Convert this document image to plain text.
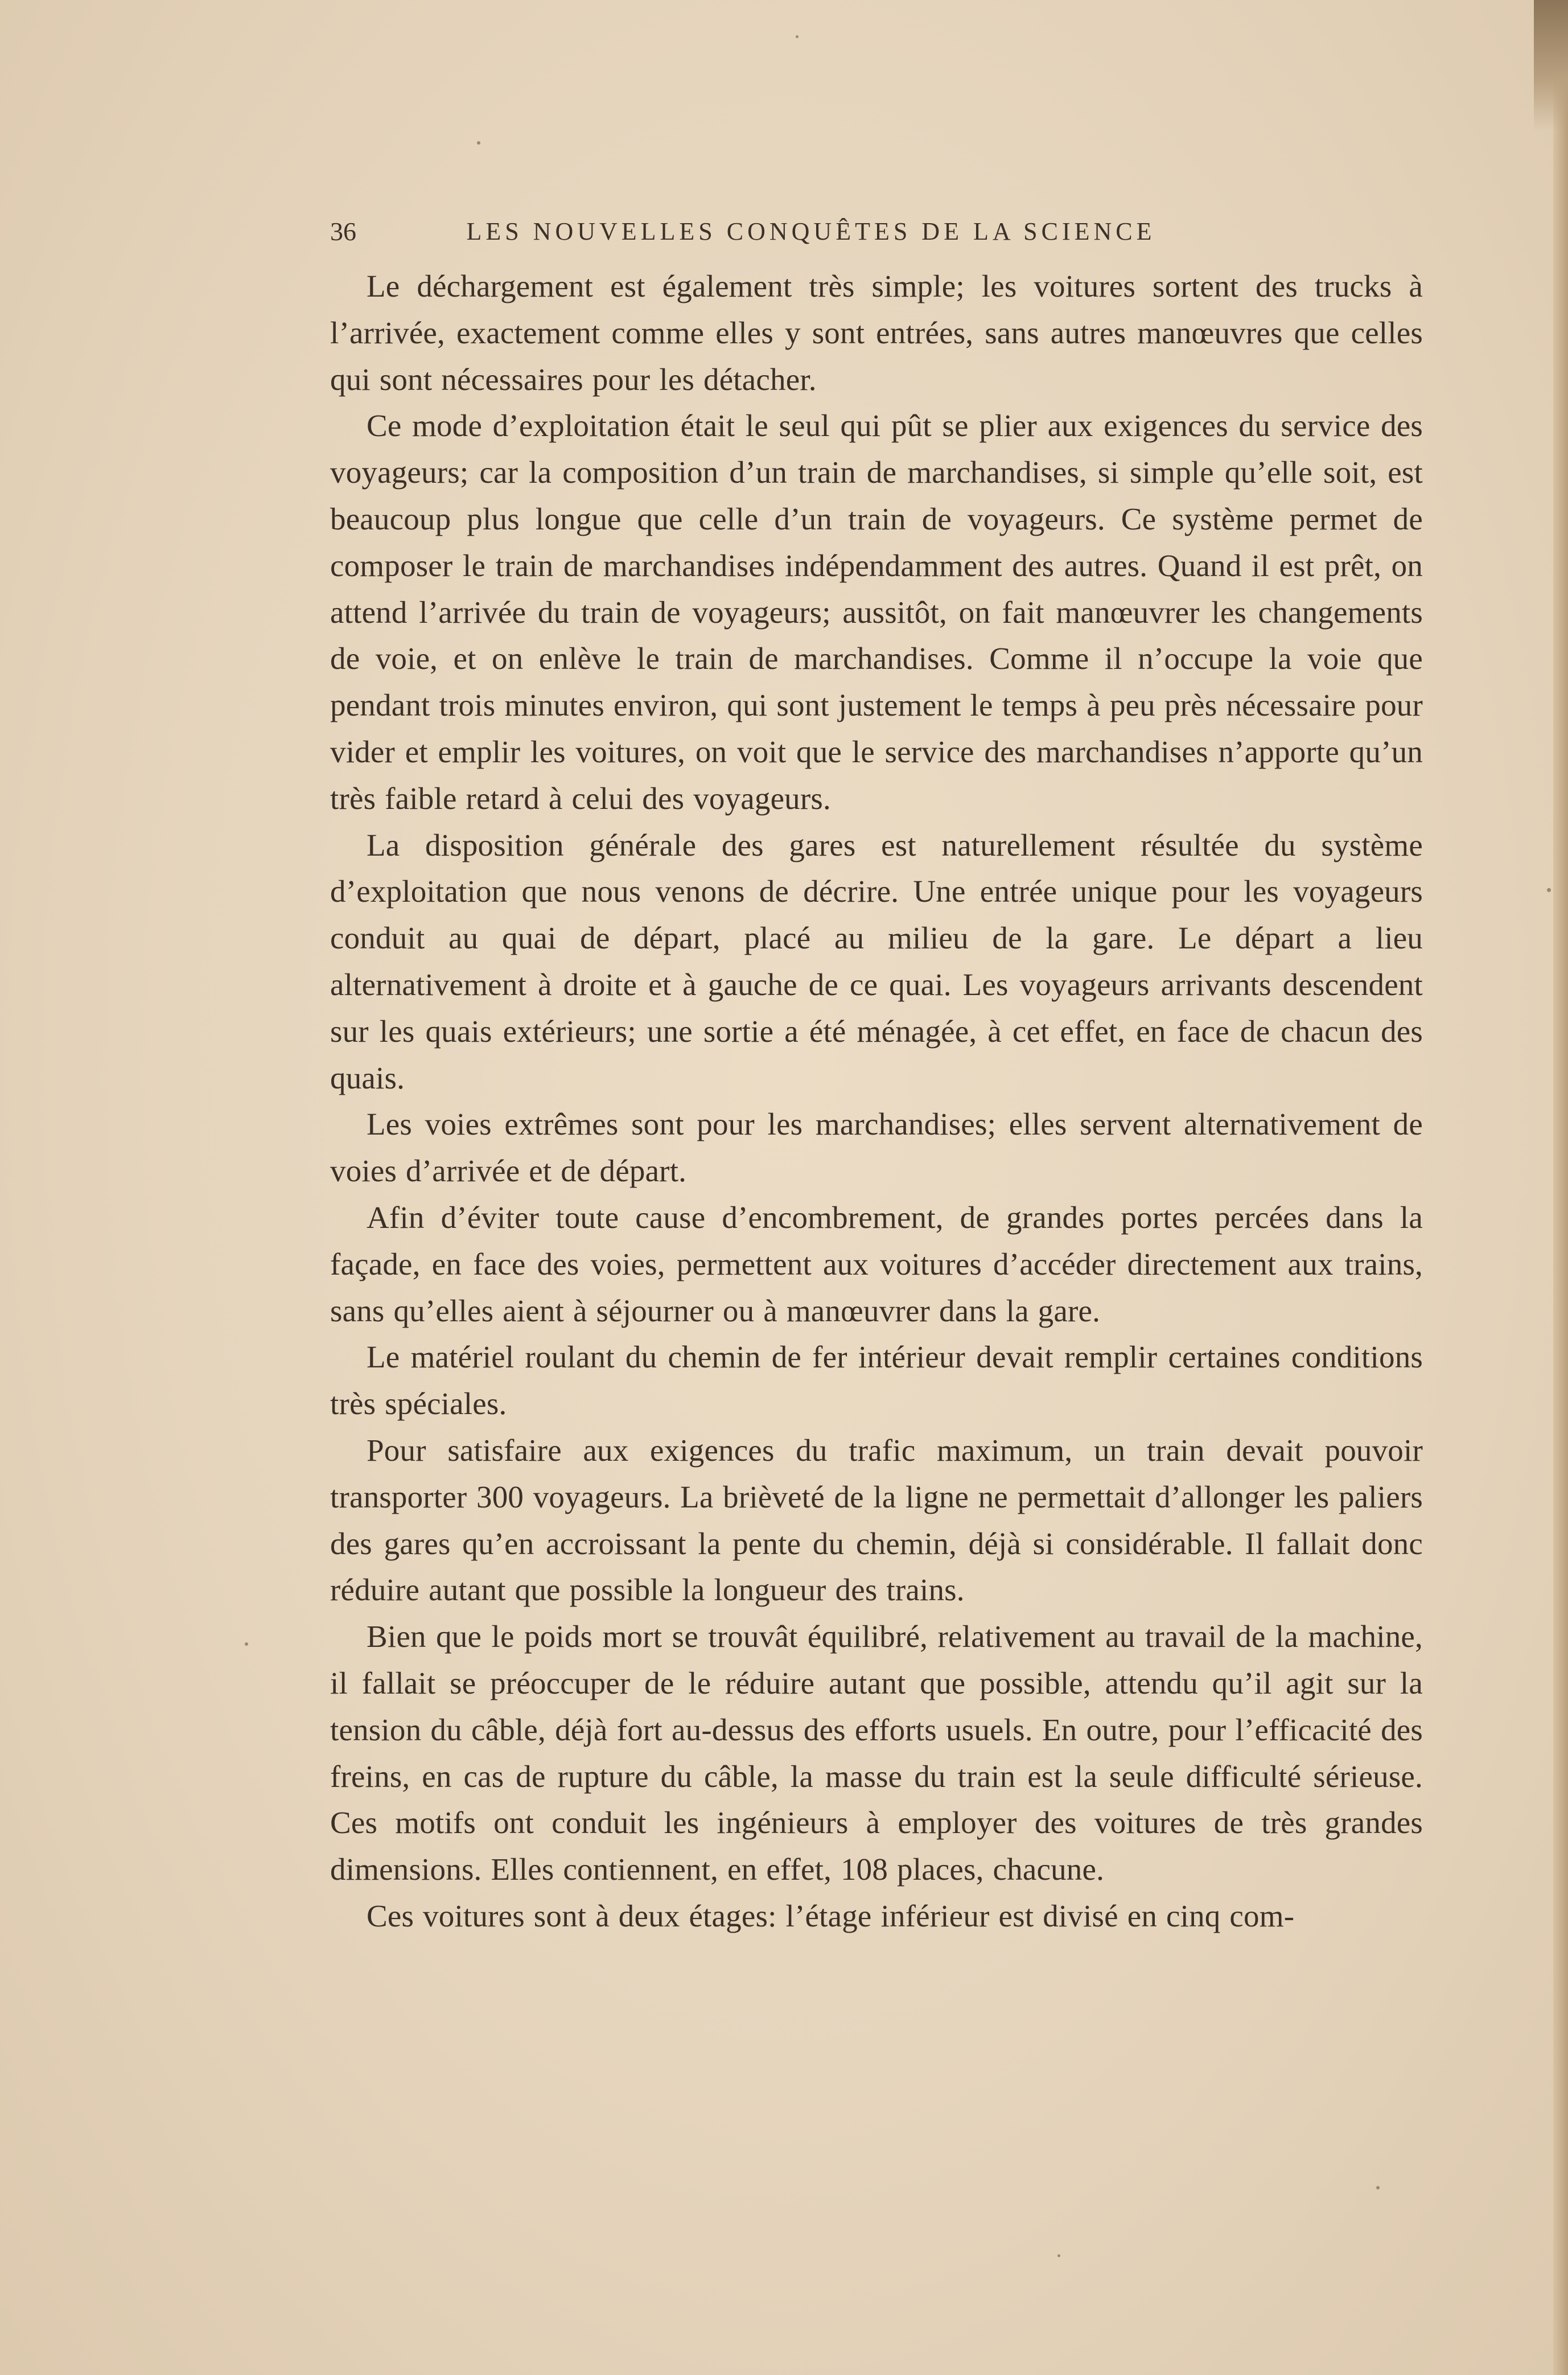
36	LES NOUVELLES CONQUÊTES DE LA SCIENCE

Le déchargement est également très simple; les voitures sortent des trucks à l’arrivée, exactement comme elles y sont entrées, sans autres manœuvres que celles qui sont nécessaires pour les détacher.

Ce mode d’exploitation était le seul qui pût se plier aux exigences du service des voyageurs; car la composition d’un train de marchandises, si simple qu’elle soit, est beaucoup plus longue que celle d’un train de voyageurs. Ce système permet de composer le train de marchandises indépendamment des autres. Quand il est prêt, on attend l’arrivée du train de voyageurs; aussitôt, on fait manœuvrer les changements de voie, et on enlève le train de marchandises. Comme il n’occupe la voie que pendant trois minutes environ, qui sont justement le temps à peu près nécessaire pour vider et emplir les voitures, on voit que le service des marchandises n’apporte qu’un très faible retard à celui des voyageurs.

La disposition générale des gares est naturellement résultée du système d’exploitation que nous venons de décrire. Une entrée unique pour les voyageurs conduit au quai de départ, placé au milieu de la gare. Le départ a lieu alternativement à droite et à gauche de ce quai. Les voyageurs arrivants descendent sur les quais extérieurs; une sortie a été ménagée, à cet effet, en face de chacun des quais.

Les voies extrêmes sont pour les marchandises; elles servent alternativement de voies d’arrivée et de départ.

Afin d’éviter toute cause d’encombrement, de grandes portes percées dans la façade, en face des voies, permettent aux voitures d’accéder directement aux trains, sans qu’elles aient à séjourner ou à manœuvrer dans la gare.

Le matériel roulant du chemin de fer intérieur devait remplir certaines conditions très spéciales.

Pour satisfaire aux exigences du trafic maximum, un train devait pouvoir transporter 300 voyageurs. La brièveté de la ligne ne permettait d’allonger les paliers des gares qu’en accroissant la pente du chemin, déjà si considérable. Il fallait donc réduire autant que possible la longueur des trains.

Bien que le poids mort se trouvât équilibré, relativement au travail de la machine, il fallait se préoccuper de le réduire autant que possible, attendu qu’il agit sur la tension du câble, déjà fort au-dessus des efforts usuels. En outre, pour l’efficacité des freins, en cas de rupture du câble, la masse du train est la seule difficulté sérieuse. Ces motifs ont conduit les ingénieurs à employer des voitures de très grandes dimensions. Elles contiennent, en effet, 108 places, chacune.

Ces voitures sont à deux étages: l’étage inférieur est divisé en cinq com-
